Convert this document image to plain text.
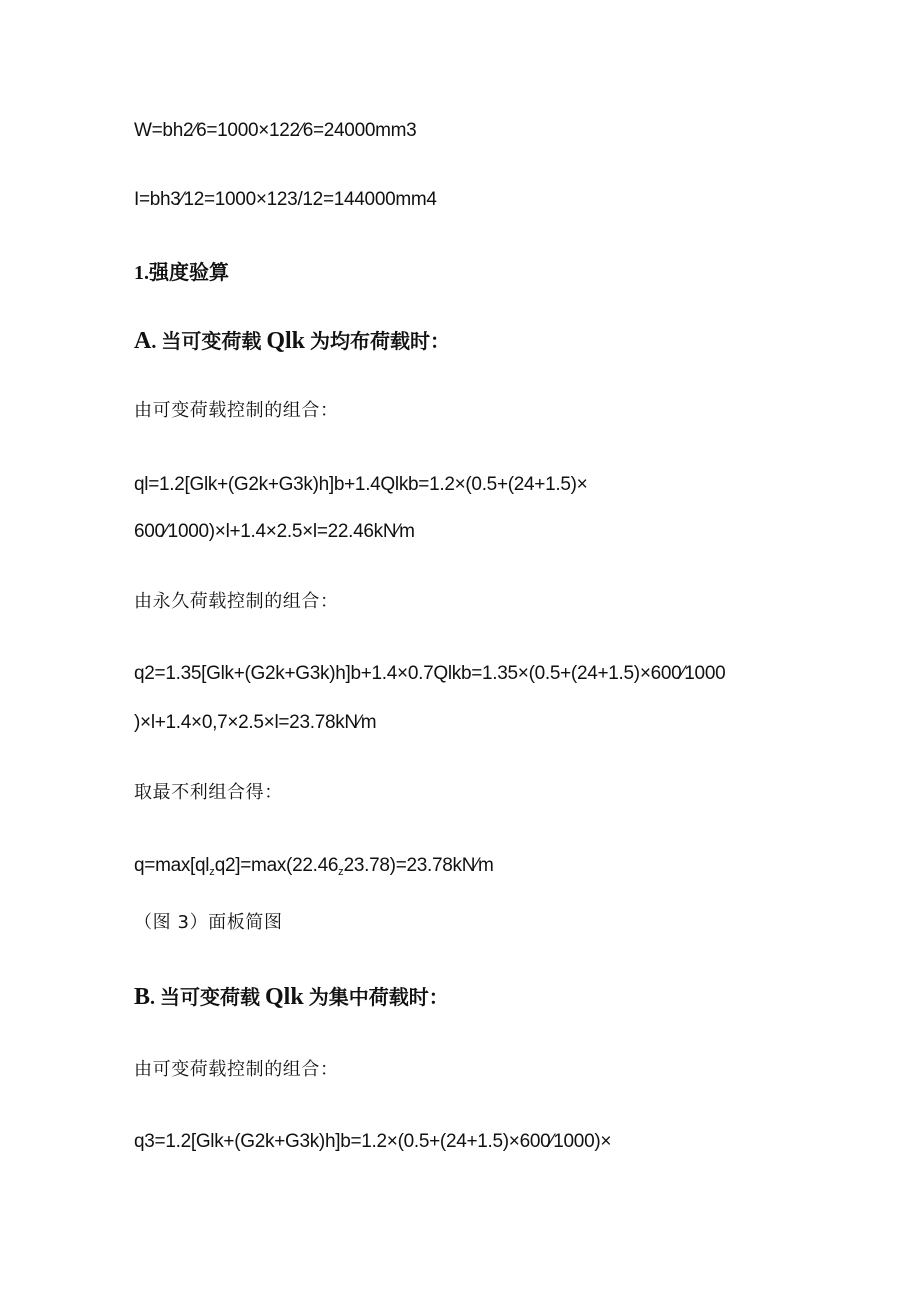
W=bh2⁄6=1000×122⁄6=24000mm3
I=bh3⁄12=1000×123/12=144000mm4
1.强度验算
A. 当可变荷载 Qlk 为均布荷载时：
由可变荷载控制的组合：
ql=1.2[Glk+(G2k+G3k)h]b+1.4Qlkb=1.2×(0.5+(24+1.5)×
600⁄1000)×l+1.4×2.5×l=22.46kN⁄m
由永久荷载控制的组合：
q2=1.35[Glk+(G2k+G3k)h]b+1.4×0.7Qlkb=1.35×(0.5+(24+1.5)×600⁄1000
)×l+1.4×0,7×2.5×l=23.78kN⁄m
取最不利组合得：
$q=\max[ql_zq2]=\max(22.46_z23.78)=23.78kN⁄m$
（图 3）面板简图
B. 当可变荷载 Qlk 为集中荷载时：
由可变荷载控制的组合：
q3=1.2[Glk+(G2k+G3k)h]b=1.2×(0.5+(24+1.5)×600⁄1000)×
